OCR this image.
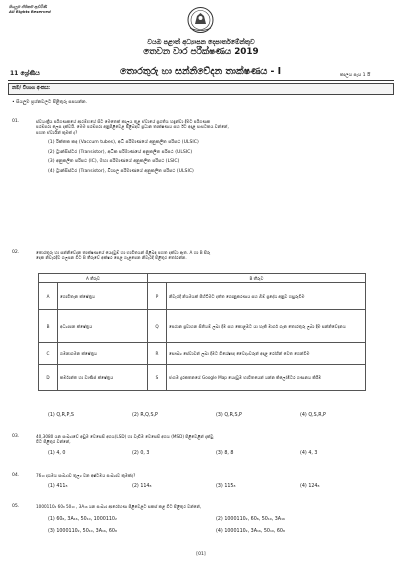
සියලුම හිමිකම් ඇවිරිණි
All Rights Reserved
වයඹ පළාත් අධ්‍යාපන දෙපාර්තමේන්තුව
තෙවන වාර පරීක්ෂණය 2019
11 ශ්‍රේණිය	තොරතුරු හා සන්නිවේදන තාක්ෂණය - I	කාලය පැය 1 යි
නම/ විභාග අංකය:
• සියලුම ප්‍රශ්නවලට පිළිතුරු සපයන්න.
01.	ස්වයංක්‍රීය පරිගණකයේ ආරම්භයේ සිට මෙතෙක් කාලය තුළ ඒවායේ ප්‍රගතිය හඳුන්වා දීමට පරිගණක
පරම්පරා ලෙස දක්වයි. මෙම පරම්පරා අනුපිළිවෙළ පිළිබඳව ප්‍රධාන තාක්ෂණය සහ ඊට අදාළ සංඝටකය වන්නේ,
පහත ඒවායින් කුමක් ද?
(1) රික්තක කඳ (Vaccum tubes), අධි පරිමාණයේ අනුකලිත පරිපථ (ULSIC)
(2) ට්‍රාන්සිස්ටර (Transistor), අධික පරිමාණයේ අනුකලිත පරිපථ (ULSIC)
(3) අනුකලිත පරිපථ (IC), මහා පරිමාණයේ අනුකලිත පරිපථ (LSIC)
(4) ට්‍රාන්සිස්ටර (Transistor), විශාල පරිමාණයේ අනුකලිත පරිපථ (ULSIC)
02.	තොරතුරු හා සන්නිවේදන තාක්ෂණයේ යෙදවුම් හා භාවිතයන් පිළිබඳ පහත දක්වා ඇත. A හා B සීරු
දෙක නිවැරදිව ගලපන විට B තීරුවේ අක්ෂර පෙළ ගැළපෙන නිවැරදි පිළිතුර තෝරන්න.
A තීරුව		B තීරුව	
A	ගොවිතැන ක්ෂේත්‍රය	P	නිවැරදි නියමයක් පිහිටීමට දත්ත ගොනුකරණය සහ බිම් ප්‍රදේශ අනුව හසුරුවීම
B	අධ්‍යාපන ක්ෂේත්‍රය	Q	පෙරාන ප්‍රවාහන සිතියම් ලබා දීම සහ කොළඹට යා හැකි මාර්ග ගැන තොරතුරු ලබා දීම සන්නිවේදනය
C	ගමනාගමන ක්ෂේත්‍රය	R	සෞඛ්‍ය සේවාවන් ලබා දීමට විශේෂඥ වෛද්‍යවරුන් අදාළ රෝගීන් වෙත ගෙන්වීම
D	කර්මාන්ත හා වාණිජ ක්ෂේත්‍රය	S	ජංගම දුරකතනයේ Google Map යෙදවුම භාවිතයෙන් යන්න කිලෝමීටර ගණනය කිරීම
(1) Q,R,P,S	(2) R,Q,S,P	(3) Q,R,S,P	(4) Q,S,R,P
03.	40,3080 යන සංඛ්‍යාවේ අඩුම වෙසෙසි අගය(LSD) හා වැඩිම වෙසෙසි අගය (MSD) පිළිවෙළින් දැක්වු
විට පිළිතුර වන්නේ,
(1) 4, 0	(2) 0, 3	(3) 8, 8	(4) 4, 3
04.	76₁₀ දශමය සංඛ්‍යාව තුල්‍ය වන අෂ්ටමය සංඛ්‍යාව කුමක්ද?
(1) 411₈	(2) 114₈	(3) 115₈	(4) 124₈
05.	1000110₂ 60₈ 50₁₀ , 3A₁₆ යන සංඛ්‍යා ආරෝහණ පිළිවෙළට සකස් කළ විට පිළිතුර වන්නේ,
(1) 60₈, 3A₁₆, 50₁₀, 1000110₂	(2) 1000110₂, 60₈, 50₁₀, 3A₁₆
(3) 1000110₂, 50₁₀, 3A₁₆, 60₈	(4) 1000110₂, 3A₁₆, 50₁₀, 60₈
[01]
